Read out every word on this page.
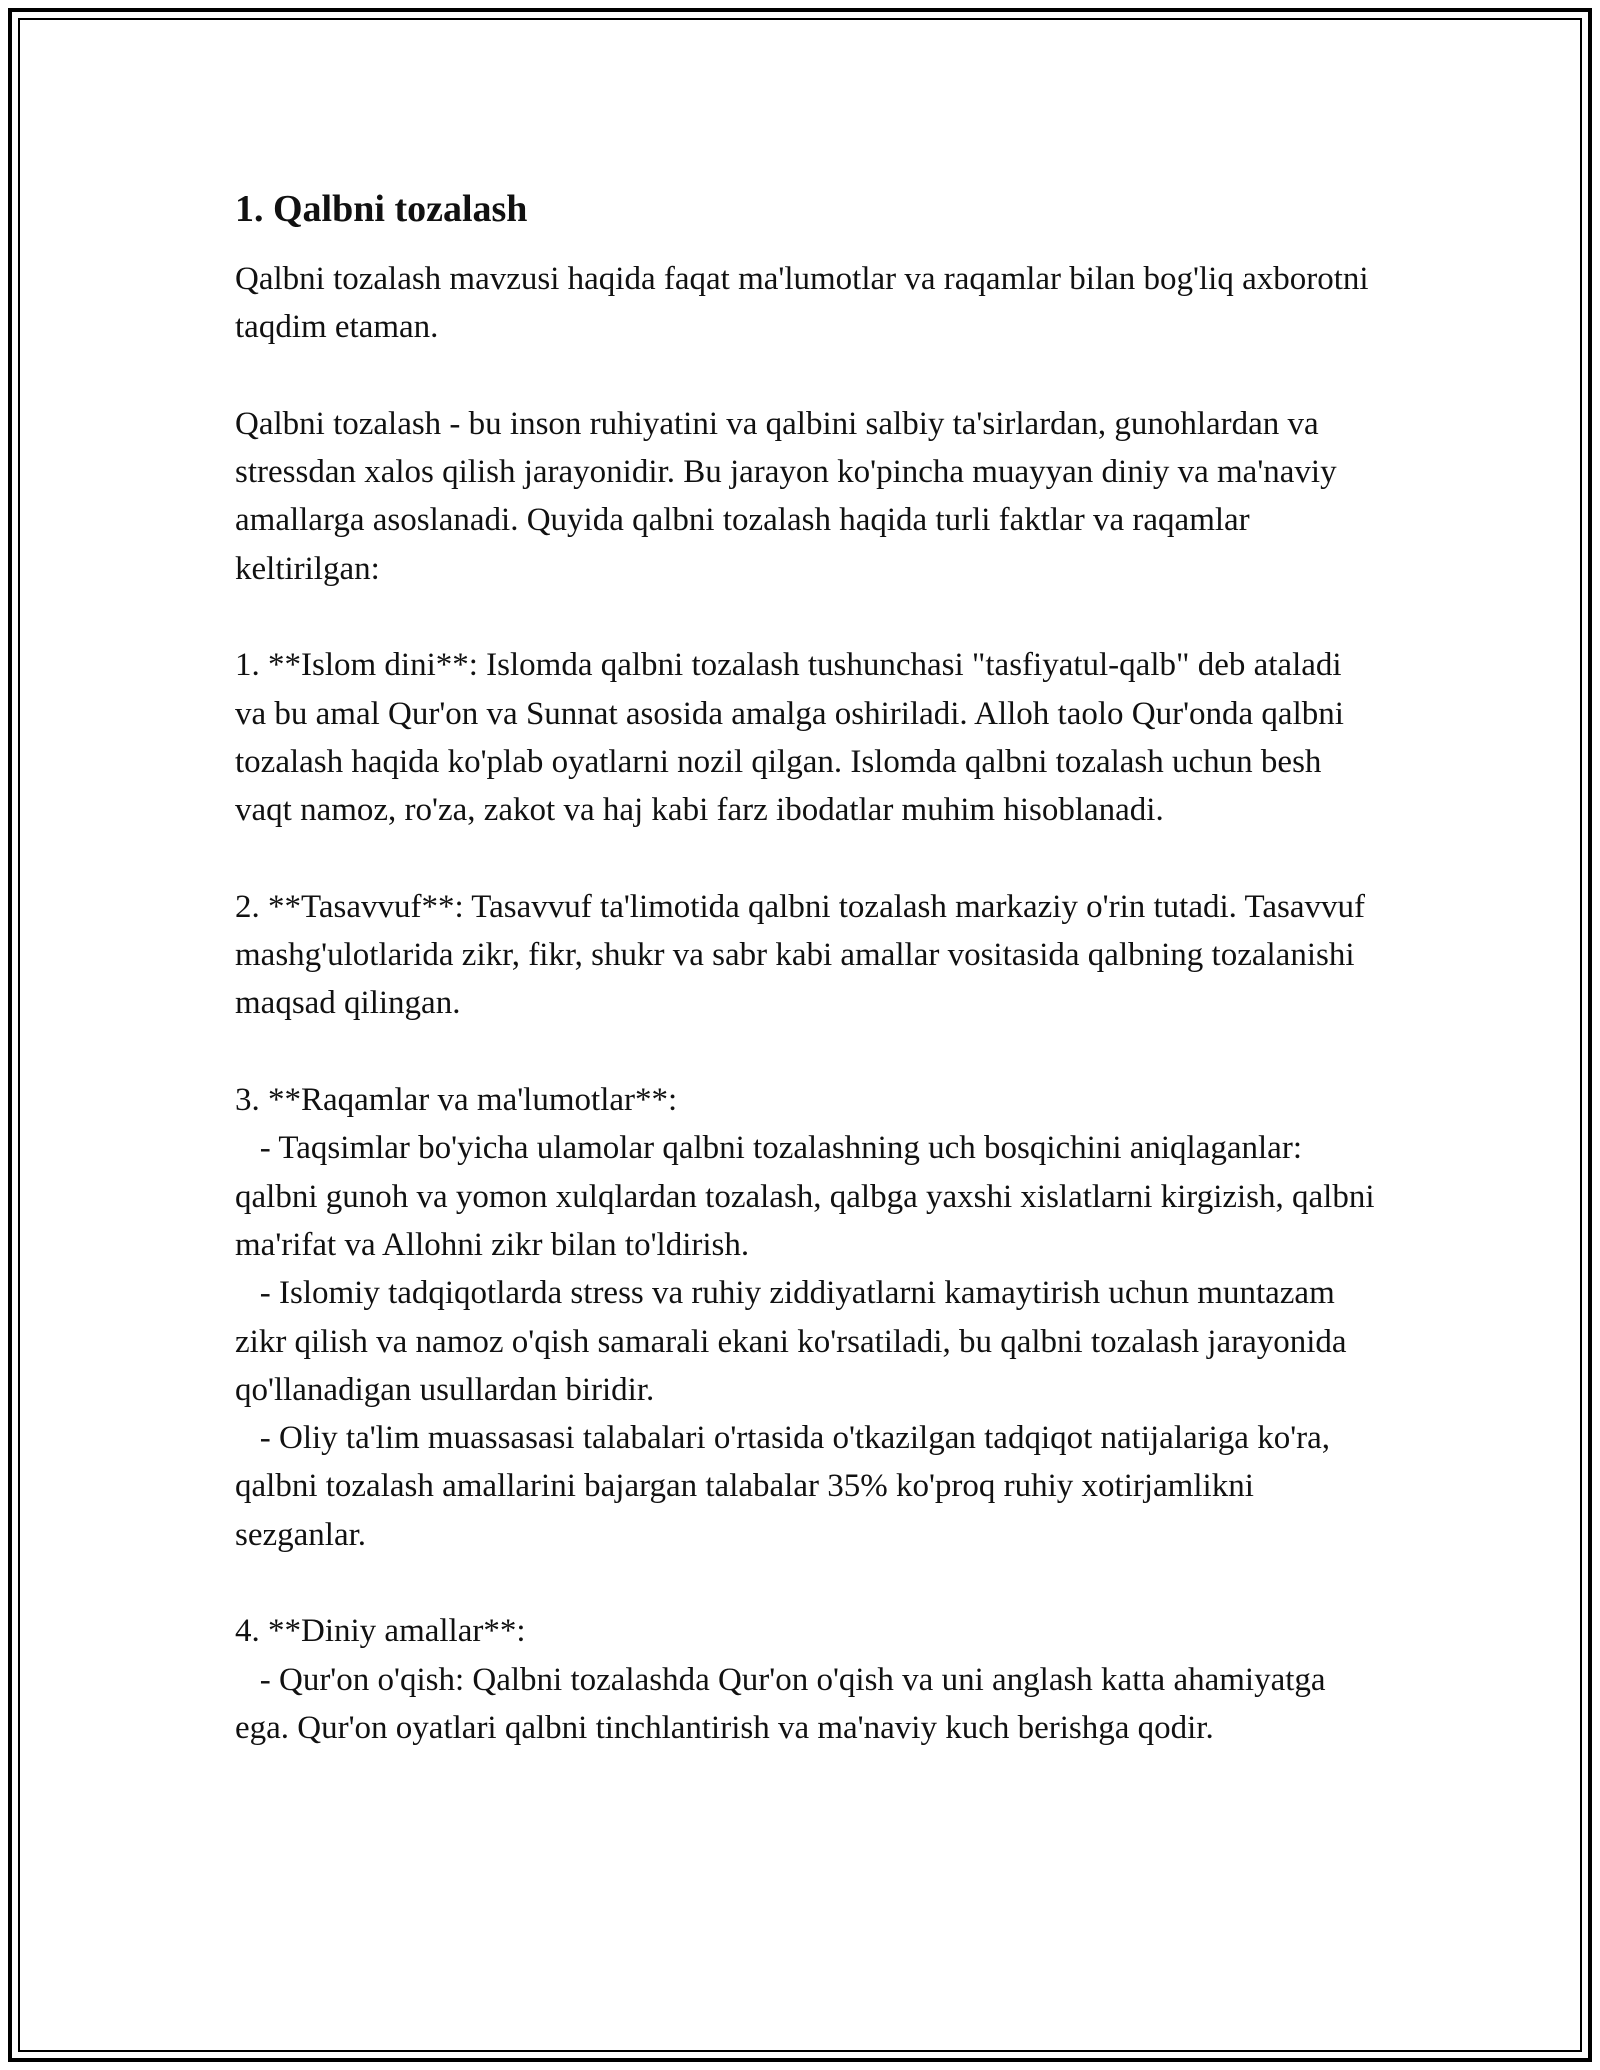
1. Qalbni tozalash

Qalbni tozalash mavzusi haqida faqat ma'lumotlar va raqamlar bilan bog'liq axborotni taqdim etaman.

Qalbni tozalash - bu inson ruhiyatini va qalbini salbiy ta'sirlardan, gunohlardan va stressdan xalos qilish jarayonidir. Bu jarayon ko'pincha muayyan diniy va ma'naviy amallarga asoslanadi. Quyida qalbni tozalash haqida turli faktlar va raqamlar keltirilgan:

1. **Islom dini**: Islomda qalbni tozalash tushunchasi "tasfiyatul-qalb" deb ataladi va bu amal Qur'on va Sunnat asosida amalga oshiriladi. Alloh taolo Qur'onda qalbni tozalash haqida ko'plab oyatlarni nozil qilgan. Islomda qalbni tozalash uchun besh vaqt namoz, ro'za, zakot va haj kabi farz ibodatlar muhim hisoblanadi.

2. **Tasavvuf**: Tasavvuf ta'limotida qalbni tozalash markaziy o'rin tutadi. Tasavvuf mashg'ulotlarida zikr, fikr, shukr va sabr kabi amallar vositasida qalbning tozalanishi maqsad qilingan.

3. **Raqamlar va ma'lumotlar**:
- Taqsimlar bo'yicha ulamolar qalbni tozalashning uch bosqichini aniqlaganlar: qalbni gunoh va yomon xulqlardan tozalash, qalbga yaxshi xislatlarni kirgizish, qalbni ma'rifat va Allohni zikr bilan to'ldirish.
- Islomiy tadqiqotlarda stress va ruhiy ziddiyatlarni kamaytirish uchun muntazam zikr qilish va namoz o'qish samarali ekani ko'rsatiladi, bu qalbni tozalash jarayonida qo'llanadigan usullardan biridir.
- Oliy ta'lim muassasasi talabalari o'rtasida o'tkazilgan tadqiqot natijalariga ko'ra, qalbni tozalash amallarini bajargan talabalar 35% ko'proq ruhiy xotirjamlikni sezganlar.

4. **Diniy amallar**:
- Qur'on o'qish: Qalbni tozalashda Qur'on o'qish va uni anglash katta ahamiyatga ega. Qur'on oyatlari qalbni tinchlantirish va ma'naviy kuch berishga qodir.
